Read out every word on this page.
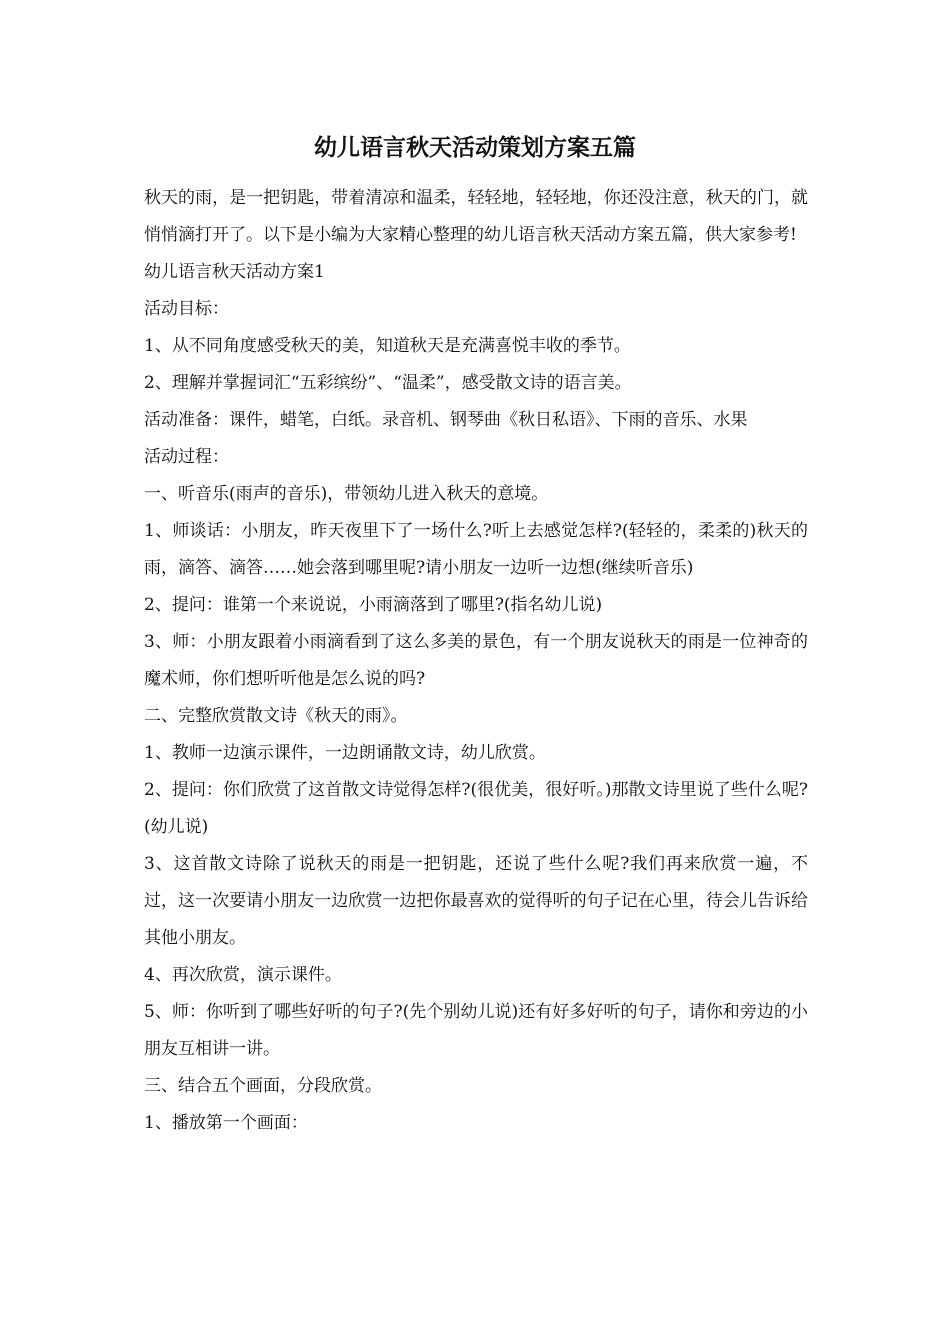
幼儿语言秋天活动策划方案五篇

秋天的雨，是一把钥匙，带着清凉和温柔，轻轻地，轻轻地，你还没注意，秋天的门，就悄悄滴打开了。以下是小编为大家精心整理的幼儿语言秋天活动方案五篇，供大家参考!

幼儿语言秋天活动方案1

活动目标：

1、从不同角度感受秋天的美，知道秋天是充满喜悦丰收的季节。

2、理解并掌握词汇“五彩缤纷”、“温柔”，感受散文诗的语言美。

活动准备：课件，蜡笔，白纸。录音机、钢琴曲《秋日私语》、下雨的音乐、水果

活动过程：

一、听音乐(雨声的音乐)，带领幼儿进入秋天的意境。

1、师谈话：小朋友，昨天夜里下了一场什么?听上去感觉怎样?(轻轻的，柔柔的)秋天的雨，滴答、滴答……她会落到哪里呢?请小朋友一边听一边想(继续听音乐)

2、提问：谁第一个来说说，小雨滴落到了哪里?(指名幼儿说)

3、师：小朋友跟着小雨滴看到了这么多美的景色，有一个朋友说秋天的雨是一位神奇的魔术师，你们想听听他是怎么说的吗?

二、完整欣赏散文诗《秋天的雨》。

1、教师一边演示课件，一边朗诵散文诗，幼儿欣赏。

2、提问：你们欣赏了这首散文诗觉得怎样?(很优美，很好听。)那散文诗里说了些什么呢?(幼儿说)

3、这首散文诗除了说秋天的雨是一把钥匙，还说了些什么呢?我们再来欣赏一遍，不过，这一次要请小朋友一边欣赏一边把你最喜欢的觉得听的句子记在心里，待会儿告诉给其他小朋友。

4、再次欣赏，演示课件。

5、师：你听到了哪些好听的句子?(先个别幼儿说)还有好多好听的句子，请你和旁边的小朋友互相讲一讲。

三、结合五个画面，分段欣赏。

1、播放第一个画面：
